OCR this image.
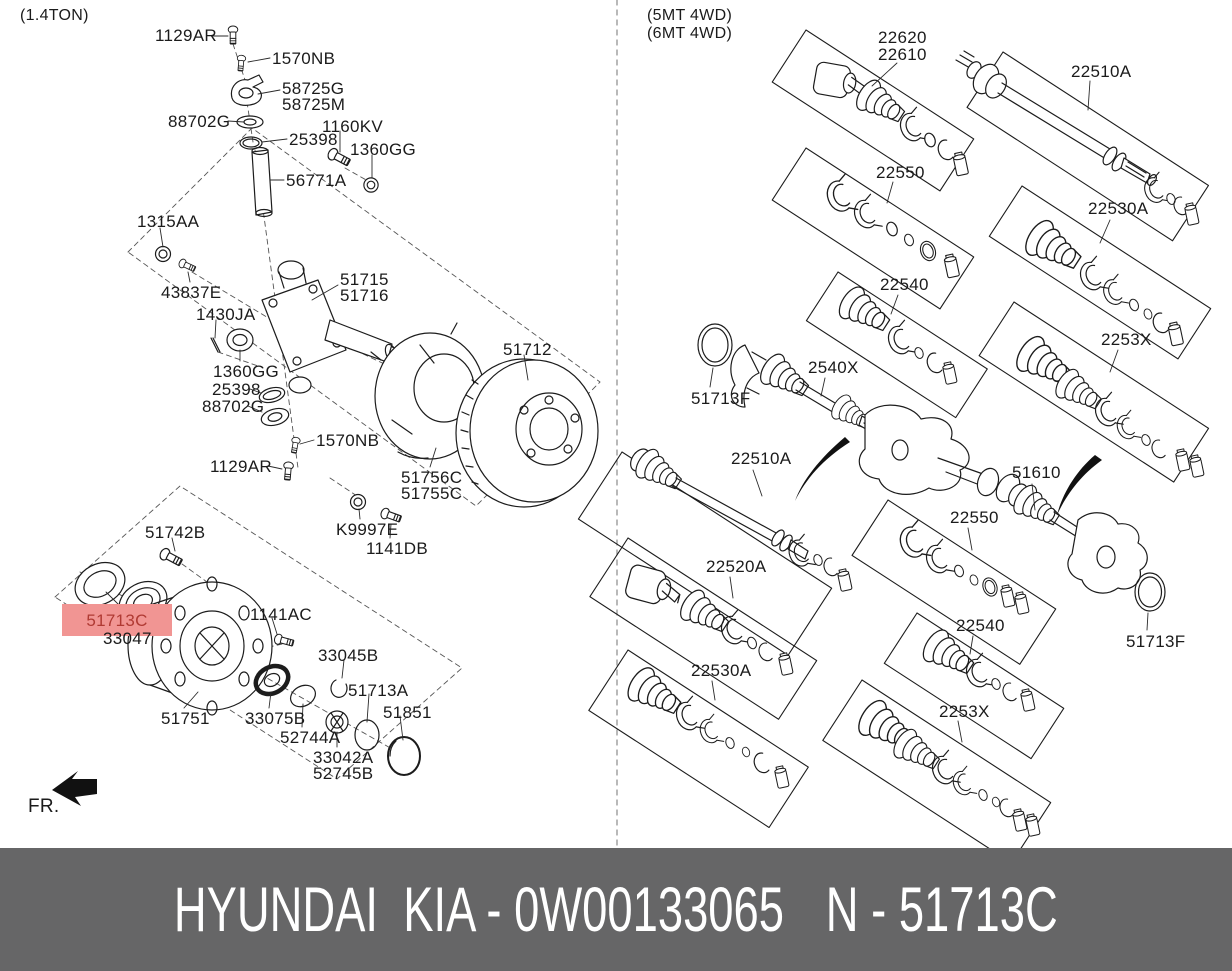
(1.4TON)
1129AR
1570NB
58725G
58725M
88702G
25398
1160KV
1360GG
56771A
1315AA
43837E
1430JA
51715
51716
1360GG
25398
88702G
1570NB
1129AR
51712
51756C
51755C
K9997E
1141DB
51742B
51713C
33047
1141AC
33045B
51713A
51851
51751 33075B
52744A
33042A
52745B
FR.
(5MT 4WD)
(6MT 4WD)	22620
22610
22510A
22550
22530A
22540
2253X
2540X
51713F
22510A
51610
22550
22520A
22540
51713F
22530A
2253X
HYUNDAI  KIA - 0W00133065 N - 51713C
